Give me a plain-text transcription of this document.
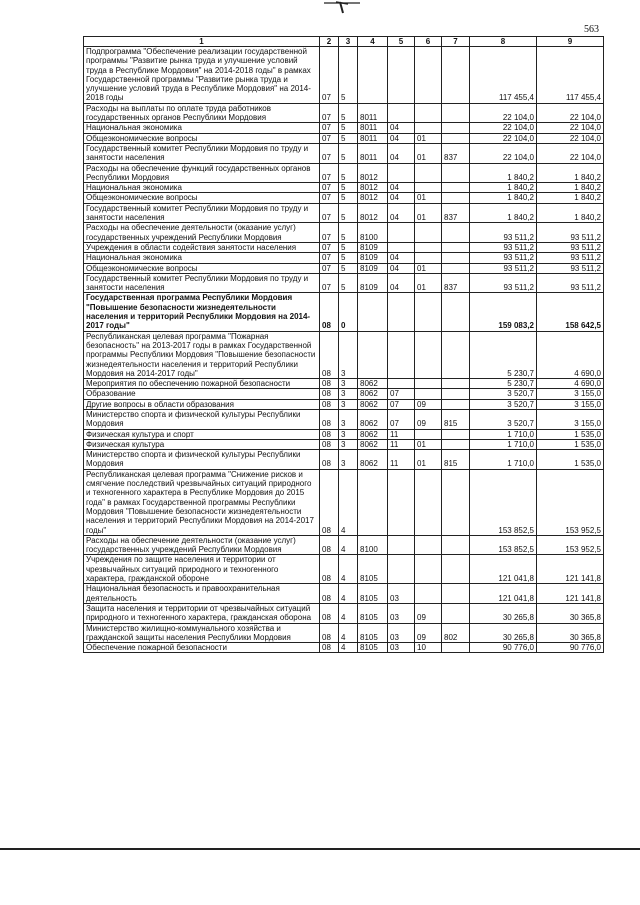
563
1	2	3	4	5	6	7	8	9
Подпрограмма "Обеспечение реализации государственной программы "Развитие рынка труда и улучшение условий труда в Республике Мордовия" на 2014-2018 годы" в рамках Государственной программы "Развитие рынка труда и улучшение условий труда в Республике Мордовия" на 2014-2018 годы	07	5					117 455,4	117 455,4
Расходы на выплаты по оплате труда работников государственных органов Республики Мордовия	07	5	8011				22 104,0	22 104,0
Национальная экономика	07	5	8011	04			22 104,0	22 104,0
Общеэкономические вопросы	07	5	8011	04	01		22 104,0	22 104,0
Государственный комитет Республики Мордовия по труду и занятости населения	07	5	8011	04	01	837	22 104,0	22 104,0
Расходы на обеспечение функций государственных органов Республики Мордовия	07	5	8012				1 840,2	1 840,2
Национальная экономика	07	5	8012	04			1 840,2	1 840,2
Общеэкономические вопросы	07	5	8012	04	01		1 840,2	1 840,2
Государственный комитет Республики Мордовия по труду и занятости населения	07	5	8012	04	01	837	1 840,2	1 840,2
Расходы на обеспечение деятельности (оказание услуг) государственных учреждений Республики Мордовия	07	5	8100				93 511,2	93 511,2
Учреждения в области содействия занятости населения	07	5	8109				93 511,2	93 511,2
Национальная экономика	07	5	8109	04			93 511,2	93 511,2
Общеэкономические вопросы	07	5	8109	04	01		93 511,2	93 511,2
Государственный комитет Республики Мордовия по труду и занятости населения	07	5	8109	04	01	837	93 511,2	93 511,2
Государственная программа Республики Мордовия "Повышение безопасности жизнедеятельности населения и территорий Республики Мордовия на 2014-2017 годы"	08	0					159 083,2	158 642,5
Республиканская целевая программа "Пожарная безопасность" на 2013-2017 годы в рамках Государственной программы Республики Мордовия "Повышение безопасности жизнедеятельности населения и территорий Республики Мордовия на 2014-2017 годы"	08	3					5 230,7	4 690,0
Мероприятия по обеспечению пожарной безопасности	08	3	8062				5 230,7	4 690,0
Образование	08	3	8062	07			3 520,7	3 155,0
Другие вопросы в области образования	08	3	8062	07	09		3 520,7	3 155,0
Министерство спорта и физической культуры Республики Мордовия	08	3	8062	07	09	815	3 520,7	3 155,0
Физическая культура и спорт	08	3	8062	11			1 710,0	1 535,0
Физическая культура	08	3	8062	11	01		1 710,0	1 535,0
Министерство спорта и физической культуры Республики Мордовия	08	3	8062	11	01	815	1 710,0	1 535,0
Республиканская целевая программа "Снижение рисков и смягчение последствий чрезвычайных ситуаций природного и техногенного характера в Республике Мордовия до 2015 года" в рамках Государственной программы Республики Мордовия "Повышение безопасности жизнедеятельности населения и территорий Республики Мордовия на 2014-2017 годы"	08	4					153 852,5	153 952,5
Расходы на обеспечение деятельности (оказание услуг) государственных учреждений Республики Мордовия	08	4	8100				153 852,5	153 952,5
Учреждения по защите населения и территории от чрезвычайных ситуаций природного и техногенного характера, гражданской обороне	08	4	8105				121 041,8	121 141,8
Национальная безопасность и правоохранительная деятельность	08	4	8105	03			121 041,8	121 141,8
Защита населения и территории от чрезвычайных ситуаций природного и техногенного характера, гражданская оборона	08	4	8105	03	09		30 265,8	30 365,8
Министерство жилищно-коммунального хозяйства и гражданской защиты населения Республики Мордовия	08	4	8105	03	09	802	30 265,8	30 365,8
Обеспечение пожарной безопасности	08	4	8105	03	10		90 776,0	90 776,0
